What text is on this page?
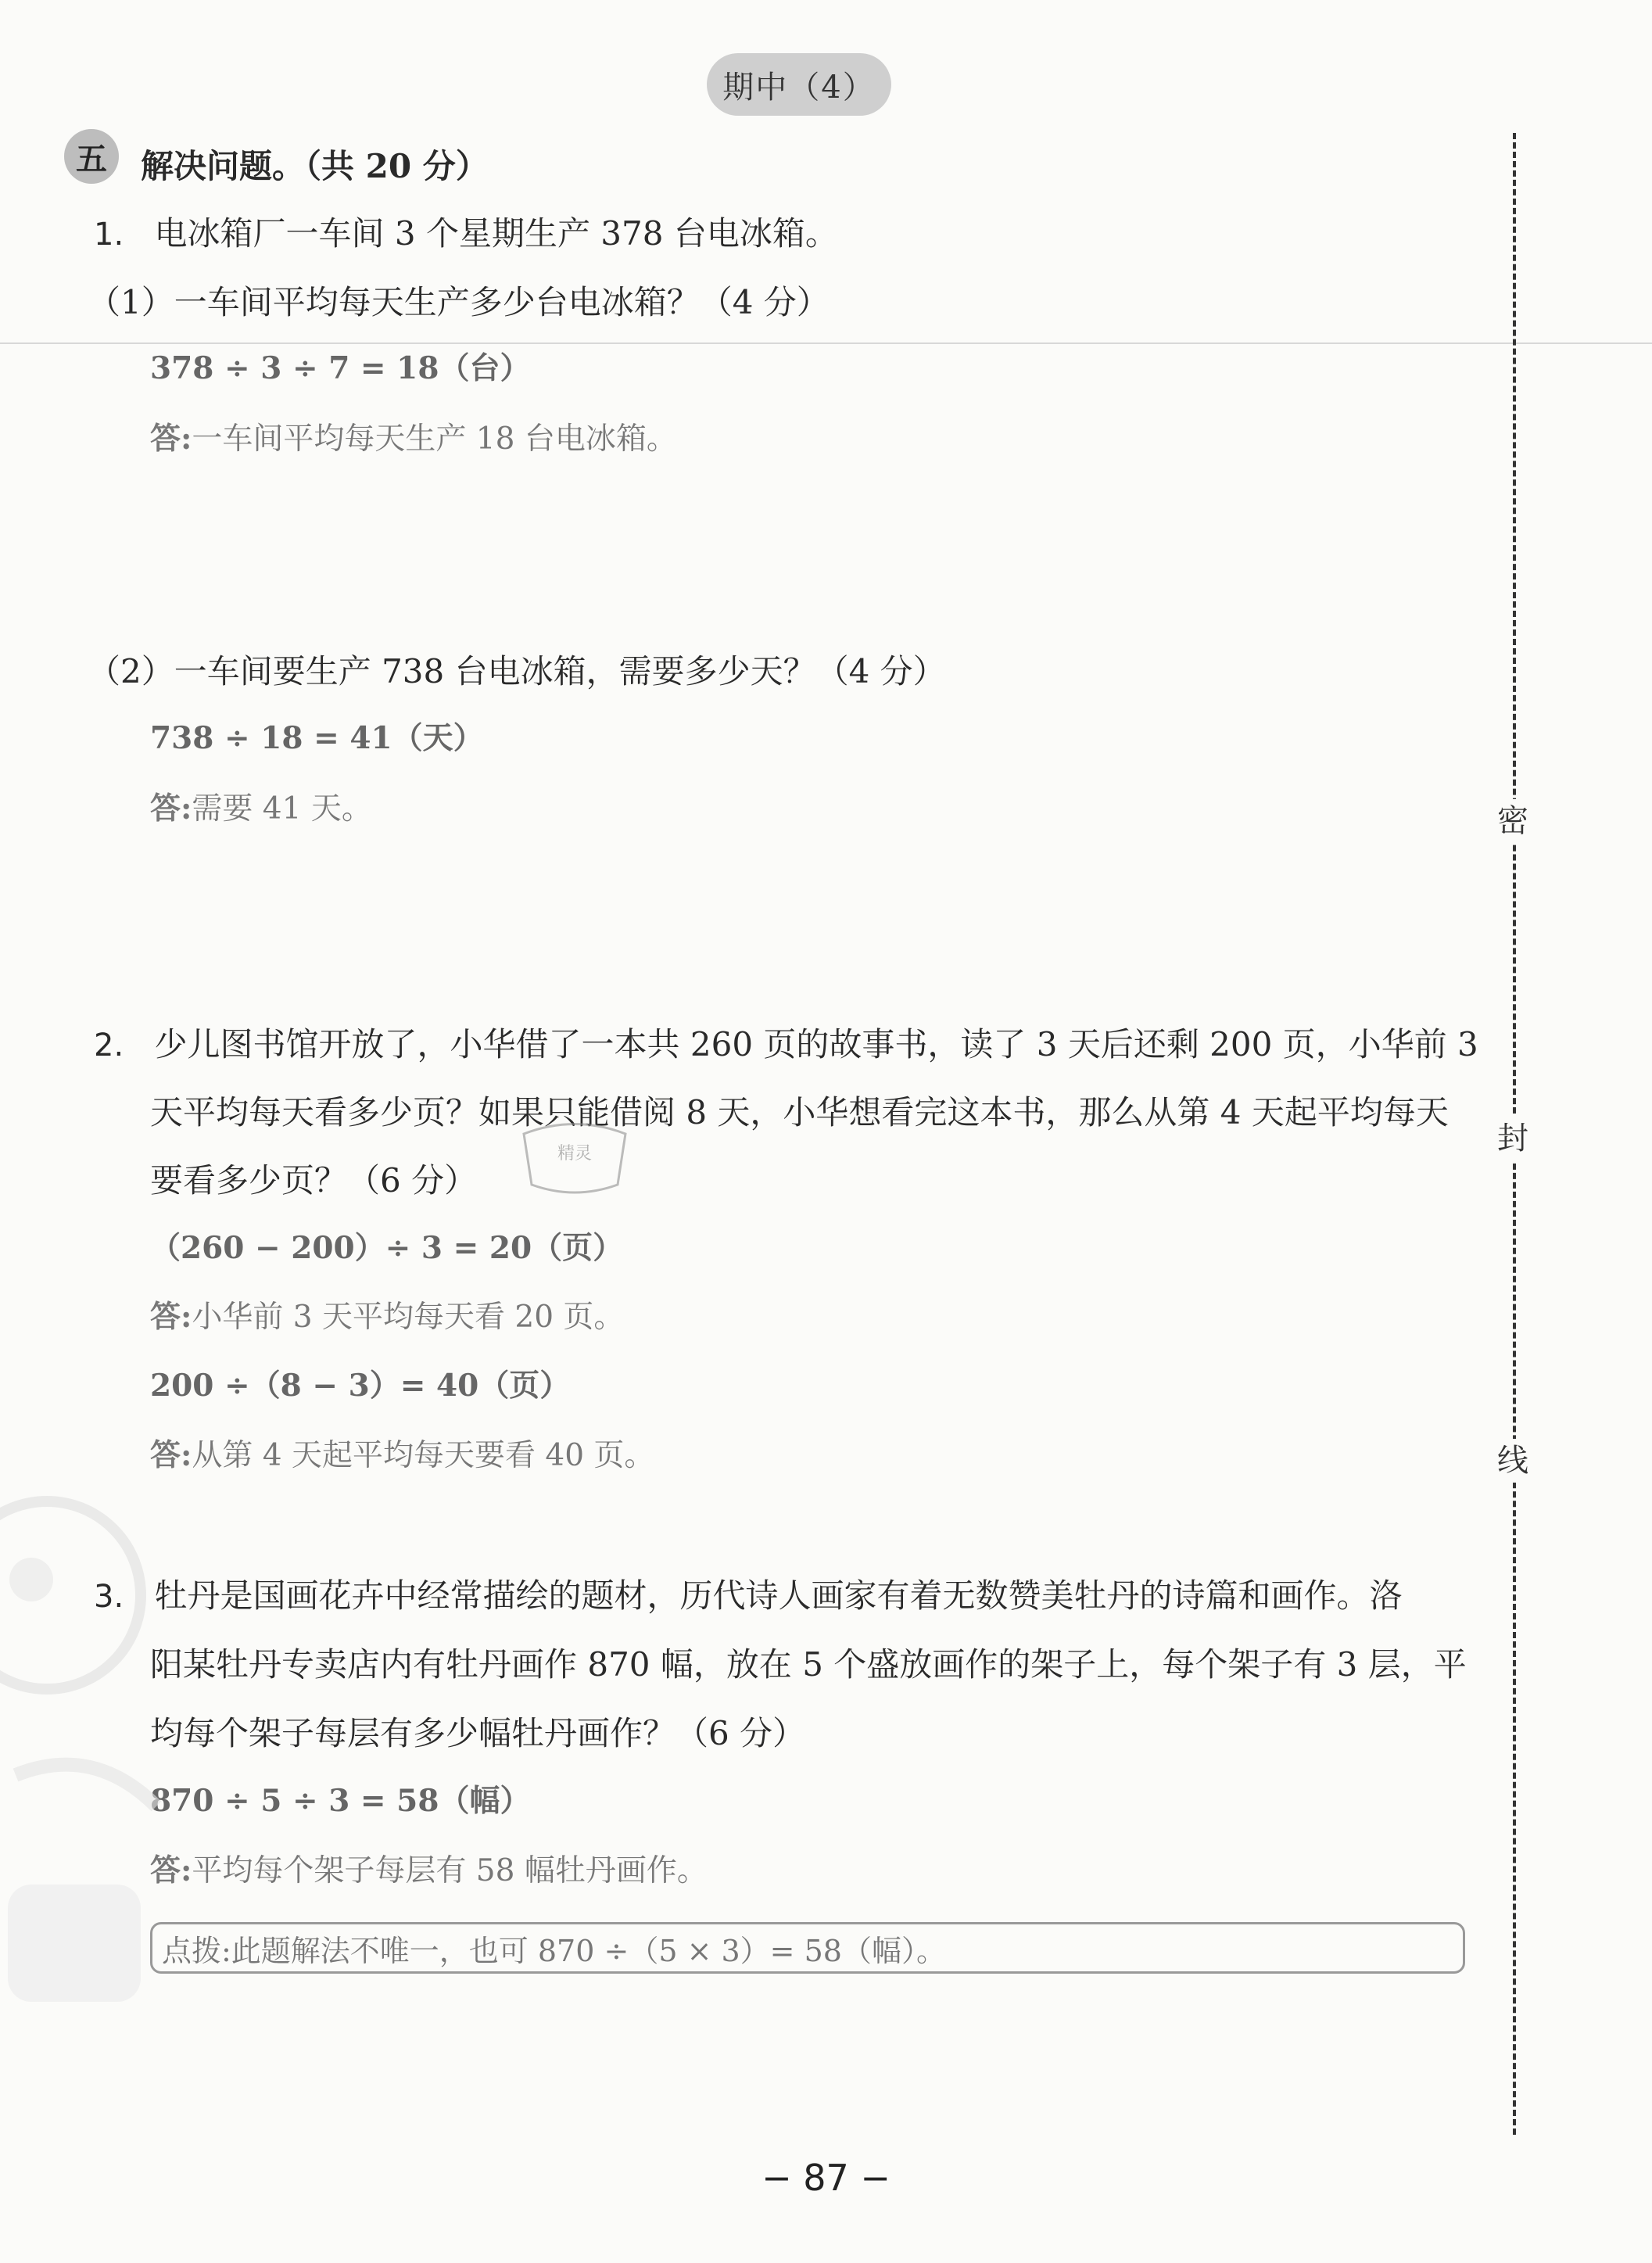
期中（4）
五	解决问题。（共 20 分）
1. 电冰箱厂一车间 3 个星期生产 378 台电冰箱。
（1）一车间平均每天生产多少台电冰箱？（4 分）
378 ÷ 3 ÷ 7 = 18（台）
答:一车间平均每天生产 18 台电冰箱。
（2）一车间要生产 738 台电冰箱，需要多少天？（4 分）
738 ÷ 18 = 41（天）
答:需要 41 天。
2. 少儿图书馆开放了，小华借了一本共 260 页的故事书，读了 3 天后还剩 200 页，小华前 3
天平均每天看多少页？如果只能借阅 8 天，小华想看完这本书，那么从第 4 天起平均每天
要看多少页？（6 分）
（260 − 200）÷ 3 = 20（页）
答:小华前 3 天平均每天看 20 页。
200 ÷（8 − 3）= 40（页）
答:从第 4 天起平均每天要看 40 页。
精灵
3. 牡丹是国画花卉中经常描绘的题材，历代诗人画家有着无数赞美牡丹的诗篇和画作。洛
阳某牡丹专卖店内有牡丹画作 870 幅，放在 5 个盛放画作的架子上，每个架子有 3 层，平
均每个架子每层有多少幅牡丹画作？（6 分）
870 ÷ 5 ÷ 3 = 58（幅）
答:平均每个架子每层有 58 幅牡丹画作。
点拨:此题解法不唯一，也可 870 ÷（5 × 3）= 58（幅）。
密
封
线
− 87 −
